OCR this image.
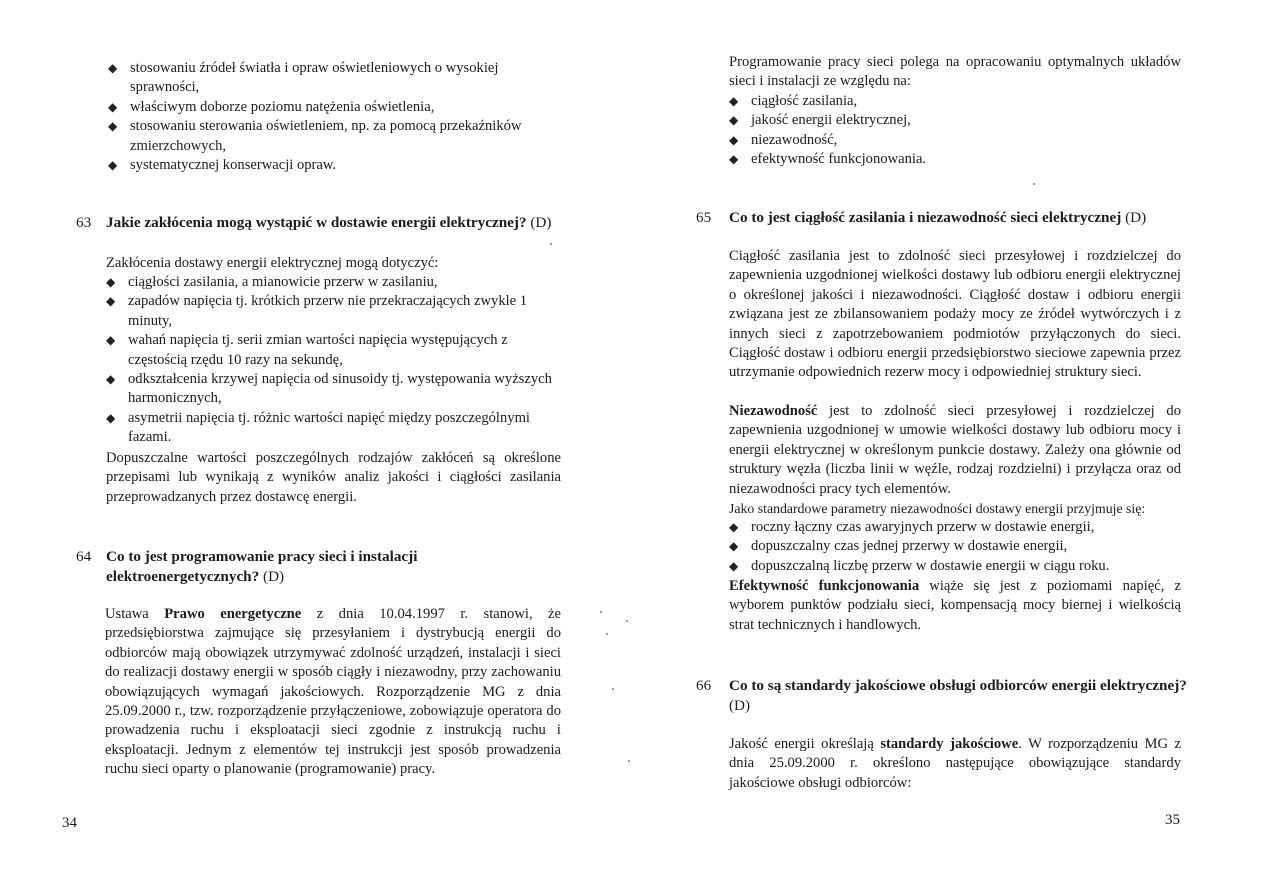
◆ stosowaniu źródeł światła i opraw oświetleniowych o wysokiej sprawności,
◆ właściwym doborze poziomu natężenia oświetlenia,
◆ stosowaniu sterowania oświetleniem, np. za pomocą przekaźników zmierzchowych,
◆ systematycznej konserwacji opraw.
63 Jakie zakłócenia mogą wystąpić w dostawie energii elektrycznej? (D)

Zakłócenia dostawy energii elektrycznej mogą dotyczyć:

◆ ciągłości zasilania, a mianowicie przerw w zasilaniu,
◆ zapadów napięcia tj. krótkich przerw nie przekraczających zwykle 1 minuty,
◆ wahań napięcia tj. serii zmian wartości napięcia występujących z częstością rzędu 10 razy na sekundę,
◆ odkształcenia krzywej napięcia od sinusoidy tj. występowania wyższych harmonicznych,
◆ asymetrii napięcia tj. różnic wartości napięć między poszczególnymi fazami.

Dopuszczalne wartości poszczególnych rodzajów zakłóceń są określone przepisami lub wynikają z wyników analiz jakości i ciągłości zasilania przeprowadzanych przez dostawcę energii.

64 Co to jest programowanie pracy sieci i instalacji elektroenergetycznych? (D)

Ustawa Prawo energetyczne z dnia 10.04.1997 r. stanowi, że przedsiębiorstwa zajmujące się przesyłaniem i dystrybucją energii do odbiorców mają obowiązek utrzymywać zdolność urządzeń, instalacji i sieci do realizacji dostawy energii w sposób ciągły i niezawodny, przy zachowaniu obowiązujących wymagań jakościowych. Rozporządzenie MG z dnia 25.09.2000 r., tzw. rozporządzenie przyłączeniowe, zobowiązuje operatora do prowadzenia ruchu i eksploatacji sieci zgodnie z instrukcją ruchu i eksploatacji. Jednym z elementów tej instrukcji jest sposób prowadzenia ruchu sieci oparty o planowanie (programowanie) pracy.

34

Programowanie pracy sieci polega na opracowaniu optymalnych układów sieci i instalacji ze względu na:

◆ ciągłość zasilania,
◆ jakość energii elektrycznej,
◆ niezawodność,
◆ efektywność funkcjonowania.
65 Co to jest ciągłość zasilania i niezawodność sieci elektrycznej (D)

Ciągłość zasilania jest to zdolność sieci przesyłowej i rozdzielczej do zapewnienia uzgodnionej wielkości dostawy lub odbioru energii elektrycznej o określonej jakości i niezawodności. Ciągłość dostaw i odbioru energii związana jest ze zbilansowaniem podaży mocy ze źródeł wytwórczych i z innych sieci z zapotrzebowaniem podmiotów przyłączonych do sieci. Ciągłość dostaw i odbioru energii przedsiębiorstwo sieciowe zapewnia przez utrzymanie odpowiednich rezerw mocy i odpowiedniej struktury sieci.

Niezawodność jest to zdolność sieci przesyłowej i rozdzielczej do zapewnienia uzgodnionej w umowie wielkości dostawy lub odbioru mocy i energii elektrycznej w określonym punkcie dostawy. Zależy ona głównie od struktury węzła (liczba linii w węźle, rodzaj rozdzielni) i przyłącza oraz od niezawodności pracy tych elementów.

Jako standardowe parametry niezawodności dostawy energii przyjmuje się:

◆ roczny łączny czas awaryjnych przerw w dostawie energii,
◆ dopuszczalny czas jednej przerwy w dostawie energii,
◆ dopuszczalną liczbę przerw w dostawie energii w ciągu roku.

Efektywność funkcjonowania wiąże się jest z poziomami napięć, z wyborem punktów podziału sieci, kompensacją mocy biernej i wielkością strat technicznych i handlowych.

66 Co to są standardy jakościowe obsługi odbiorców energii elektrycznej? (D)

Jakość energii określają standardy jakościowe. W rozporządzeniu MG z dnia 25.09.2000 r. określono następujące obowiązujące standardy jakościowe obsługi odbiorców:

35
